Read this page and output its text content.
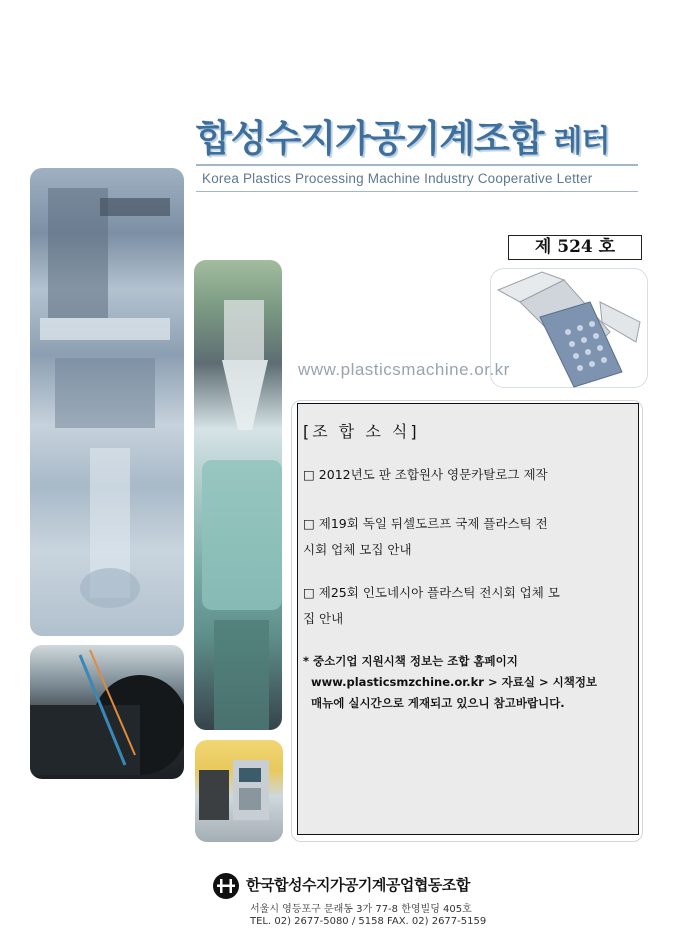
합성수지가공기계조합 레터
Korea Plastics Processing Machine Industry Cooperative Letter
제 524 호
www.plasticsmachine.or.kr
[조 합 소 식]
□ 2012년도 판 조합원사 영문카탈로그 제작
□ 제19회 독일 뒤셀도르프 국제 플라스틱 전
시회 업체 모집 안내
□ 제25회 인도네시아 플라스틱 전시회 업체 모
집 안내
* 중소기업 지원시책 정보는 조합 홈페이지
www.plasticsmzchine.or.kr > 자료실 > 시책정보
매뉴에 실시간으로 게재되고 있으니 참고바랍니다.
한국합성수지가공기계공업협동조합
서울시 영등포구 문래동 3가 77-8 한영빌딩 405호
TEL. 02) 2677-5080 / 5158 FAX. 02) 2677-5159
